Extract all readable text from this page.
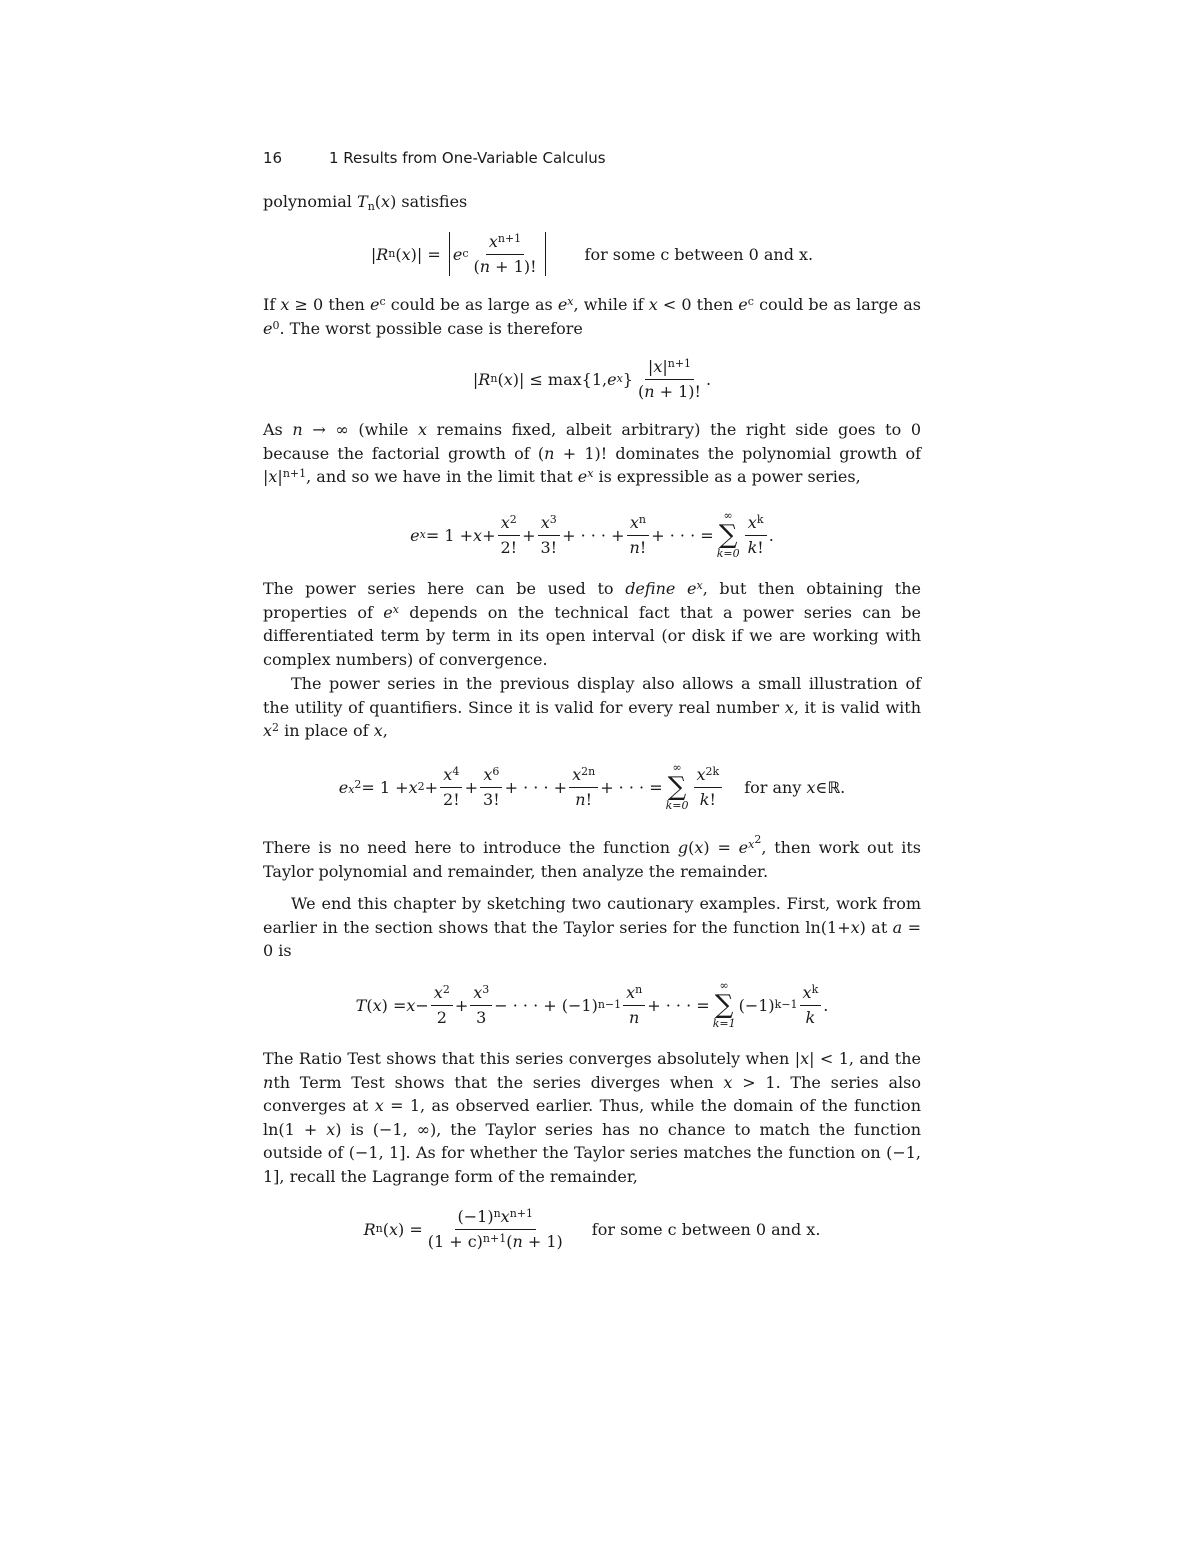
16	1 Results from One-Variable Calculus
polynomial $T_n(x)$ satisfies
| R n ( x )| = e c $\frac{x^{n+1}}{(n + 1)!}$	for some c between 0 and x.
If x ≥ 0 then $e^c$ could be as large as $e^x$, while if x < 0 then $e^c$ could be as large as $e^0$. The worst possible case is therefore
| R n ( x )| ≤ max{1, e x } $\frac{|x|^{n+1}}{(n + 1)!}$ .
As n → ∞ (while x remains fixed, albeit arbitrary) the right side goes to 0 because the factorial growth of (n + 1)! dominates the polynomial growth of $|x|^{n+1}$, and so we have in the limit that $e^x$ is expressible as a power series,
e $x = 1 + x + \frac{x^2}{2!} + \frac{x^3}{3!}$ + · · · + $\frac{x^n}{n!}$ + · · · =
∞
∑
$k=0 \frac{x^k}{k!}$ .
The power series here can be used to define $e^x$, but then obtaining the properties of $e^x$ depends on the technical fact that a power series can be differentiated term by term in its open interval (or disk if we are working with complex numbers) of convergence.
The power series in the previous display also allows a small illustration of the utility of quantifiers. Since it is valid for every real number x, it is valid with $x^2$ in place of x,
e $x^2 = 1 + x$ $2 + \frac{x^4}{2!} + \frac{x^6}{3!}$ + · · · + $\frac{x^{2n}}{n!}$ + · · · =
∞
∑
$k=0 \frac{x^{2k}}{k!}$ for any
x ∈ ℝ .
There is no need here to introduce the function $g(x) = e^{x^2}$, then work out its Taylor polynomial and remainder, then analyze the remainder.
We end this chapter by sketching two cautionary examples. First, work from earlier in the section shows that the Taylor series for the function ln(1+x) at a = 0 is
T ( x ) = $x - \frac{x^2}{2} + \frac{x^3}{3}$ − · · · + (−1) $n-1 \frac{x^n}{n}$ + · · · =
∞
∑
k=1
(−1) $k-1 \frac{x^k}{k}$ .
The Ratio Test shows that this series converges absolutely when |x| < 1, and the nth Term Test shows that the series diverges when x > 1. The series also converges at x = 1, as observed earlier. Thus, while the domain of the function ln(1 + x) is (−1, ∞), the Taylor series has no chance to match the function outside of (−1, 1]. As for whether the Taylor series matches the function on (−1, 1], recall the Lagrange form of the remainder,
R n ( x ) = $\frac{(-1)^nx^{n+1}}{(1 + c)^{n+1}(n + 1)}$ for some c between 0 and x.
